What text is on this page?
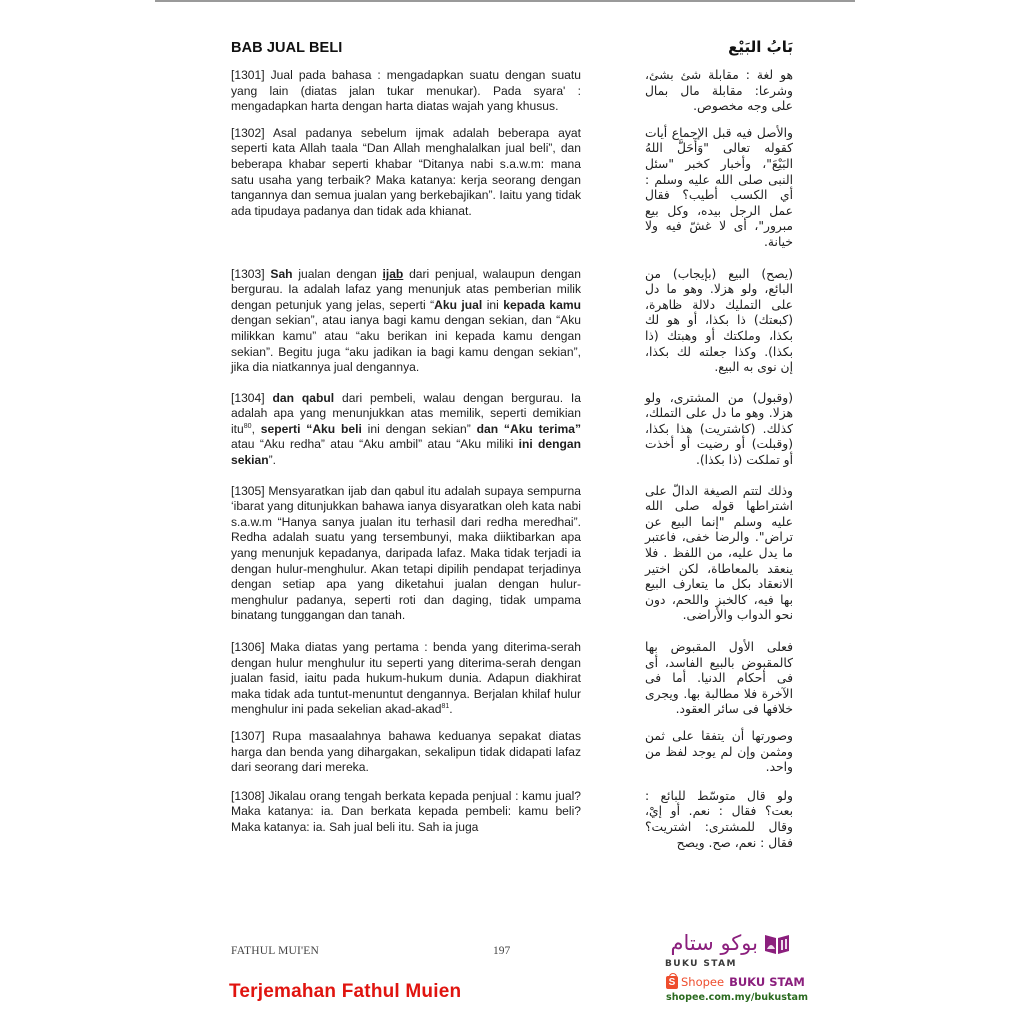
BAB JUAL BELI	بَابُ البَيْع
[1301] Jual pada bahasa : mengadapkan suatu dengan suatu yang lain (diatas jalan tukar menukar). Pada syara' : mengadapkan harta dengan harta diatas wajah yang khusus.
هو لغة : مقابلة شئ بشئ، وشرعا: مقابلة مال بمال على وجه مخصوص.
[1302] Asal padanya sebelum ijmak adalah beberapa ayat seperti kata Allah taala “Dan Allah menghalalkan jual beli”, dan beberapa khabar seperti khabar “Ditanya nabi s.a.w.m: mana satu usaha yang terbaik? Maka katanya: kerja seorang dengan tangannya dan semua jualan yang berkebajikan”. Iaitu yang tidak ada tipudaya padanya dan tidak ada khianat.
والأصل فيه قبل الإجماع أيات كقوله تعالى "وَأَحَلَّ اللهُ البَيْعَ"، وأخبار كخبر "سئل النبى صلى الله عليه وسلم : أي الكسب أطيب؟ فقال عمل الرجل بيده، وكل بيع مبرور"، أى لا غشّ فيه ولا خيانة.
[1303] Sah jualan dengan ijab dari penjual, walaupun dengan bergurau. Ia adalah lafaz yang menunjuk atas pemberian milik dengan petunjuk yang jelas, seperti “Aku jual ini kepada kamu dengan sekian”, atau ianya bagi kamu dengan sekian, dan “Aku milikkan kamu” atau “aku berikan ini kepada kamu dengan sekian”. Begitu juga “aku jadikan ia bagi kamu dengan sekian”, jika dia niatkannya jual dengannya.
(يصح) البيع (بإيجاب) من البائع، ولو هزلا. وهو ما دل على التمليك دلالة ظاهرة، (كبعتك) ذا بكذا، أو هو لك بكذا، وملكتك أو وهبتك (ذا بكذا). وكذا جعلته لك بكذا، إن نوى به البيع.
[1304] dan qabul dari pembeli, walau dengan bergurau. Ia adalah apa yang menunjukkan atas memilik, seperti demikian itu$^{80}$, seperti “Aku beli ini dengan sekian” dan “Aku terima” atau “Aku redha” atau “Aku ambil” atau “Aku miliki ini dengan sekian”.
(وقبول) من المشترى، ولو هزلا. وهو ما دل على التملك، كذلك. (كاشتريت) هذا بكذا، (وقبلت) أو رضيت أو أخذت أو تملكت (ذا بكذا).
[1305] Mensyaratkan ijab dan qabul itu adalah supaya sempurna ‘ibarat yang ditunjukkan bahawa ianya disyaratkan oleh kata nabi s.a.w.m “Hanya sanya jualan itu terhasil dari redha meredhai”. Redha adalah suatu yang tersembunyi, maka diiktibarkan apa yang menunjuk kepadanya, daripada lafaz. Maka tidak terjadi ia dengan hulur-menghulur. Akan tetapi dipilih pendapat terjadinya dengan setiap apa yang diketahui jualan dengan hulur-menghulur padanya, seperti roti dan daging, tidak umpama binatang tunggangan dan tanah.
وذلك لتتم الصيغة الدالّ على اشتراطها قوله صلى الله عليه وسلم "إنما البيع عن تراض". والرضا خفى، فاعتبر ما يدل عليه، من اللفظ . فلا ينعقد بالمعاطاة، لكن اختير الانعقاد بكل ما يتعارف البيع بها فيه، كالخبز واللحم، دون نحو الدواب والأراضى.
[1306] Maka diatas yang pertama : benda yang diterima-serah dengan hulur menghulur itu seperti yang diterima-serah dengan jualan fasid, iaitu pada hukum-hukum dunia. Adapun diakhirat maka tidak ada tuntut-menuntut dengannya. Berjalan khilaf hulur menghulur ini pada sekelian akad-akad$^{81}$.
فعلى الأول المقبوض بها كالمقبوض بالبيع الفاسد، أى فى أحكام الدنيا. أما فى الآخرة فلا مطالبة بها. ويجرى خلافها فى سائر العقود.
[1307] Rupa masaalahnya bahawa keduanya sepakat diatas harga dan benda yang dihargakan, sekalipun tidak didapati lafaz dari seorang dari mereka.
وصورتها أن يتفقا على ثمن ومثمن وإن لم يوجد لفظ من واحد.
[1308] Jikalau orang tengah berkata kepada penjual : kamu jual? Maka katanya: ia. Dan berkata kepada pembeli: kamu beli? Maka katanya: ia. Sah jual beli itu. Sah ia juga
ولو قال متوسّط للبائع : بعت؟ فقال : نعم. أو إيْ، وقال للمشترى: اشتريت؟ فقال : نعم، صح. ويصح
FATHUL MUI'EN	197
Terjemahan Fathul Muien
بوكو ستام
BUKU STAM
S Shopee BUKU STAM
shopee.com.my/bukustam
